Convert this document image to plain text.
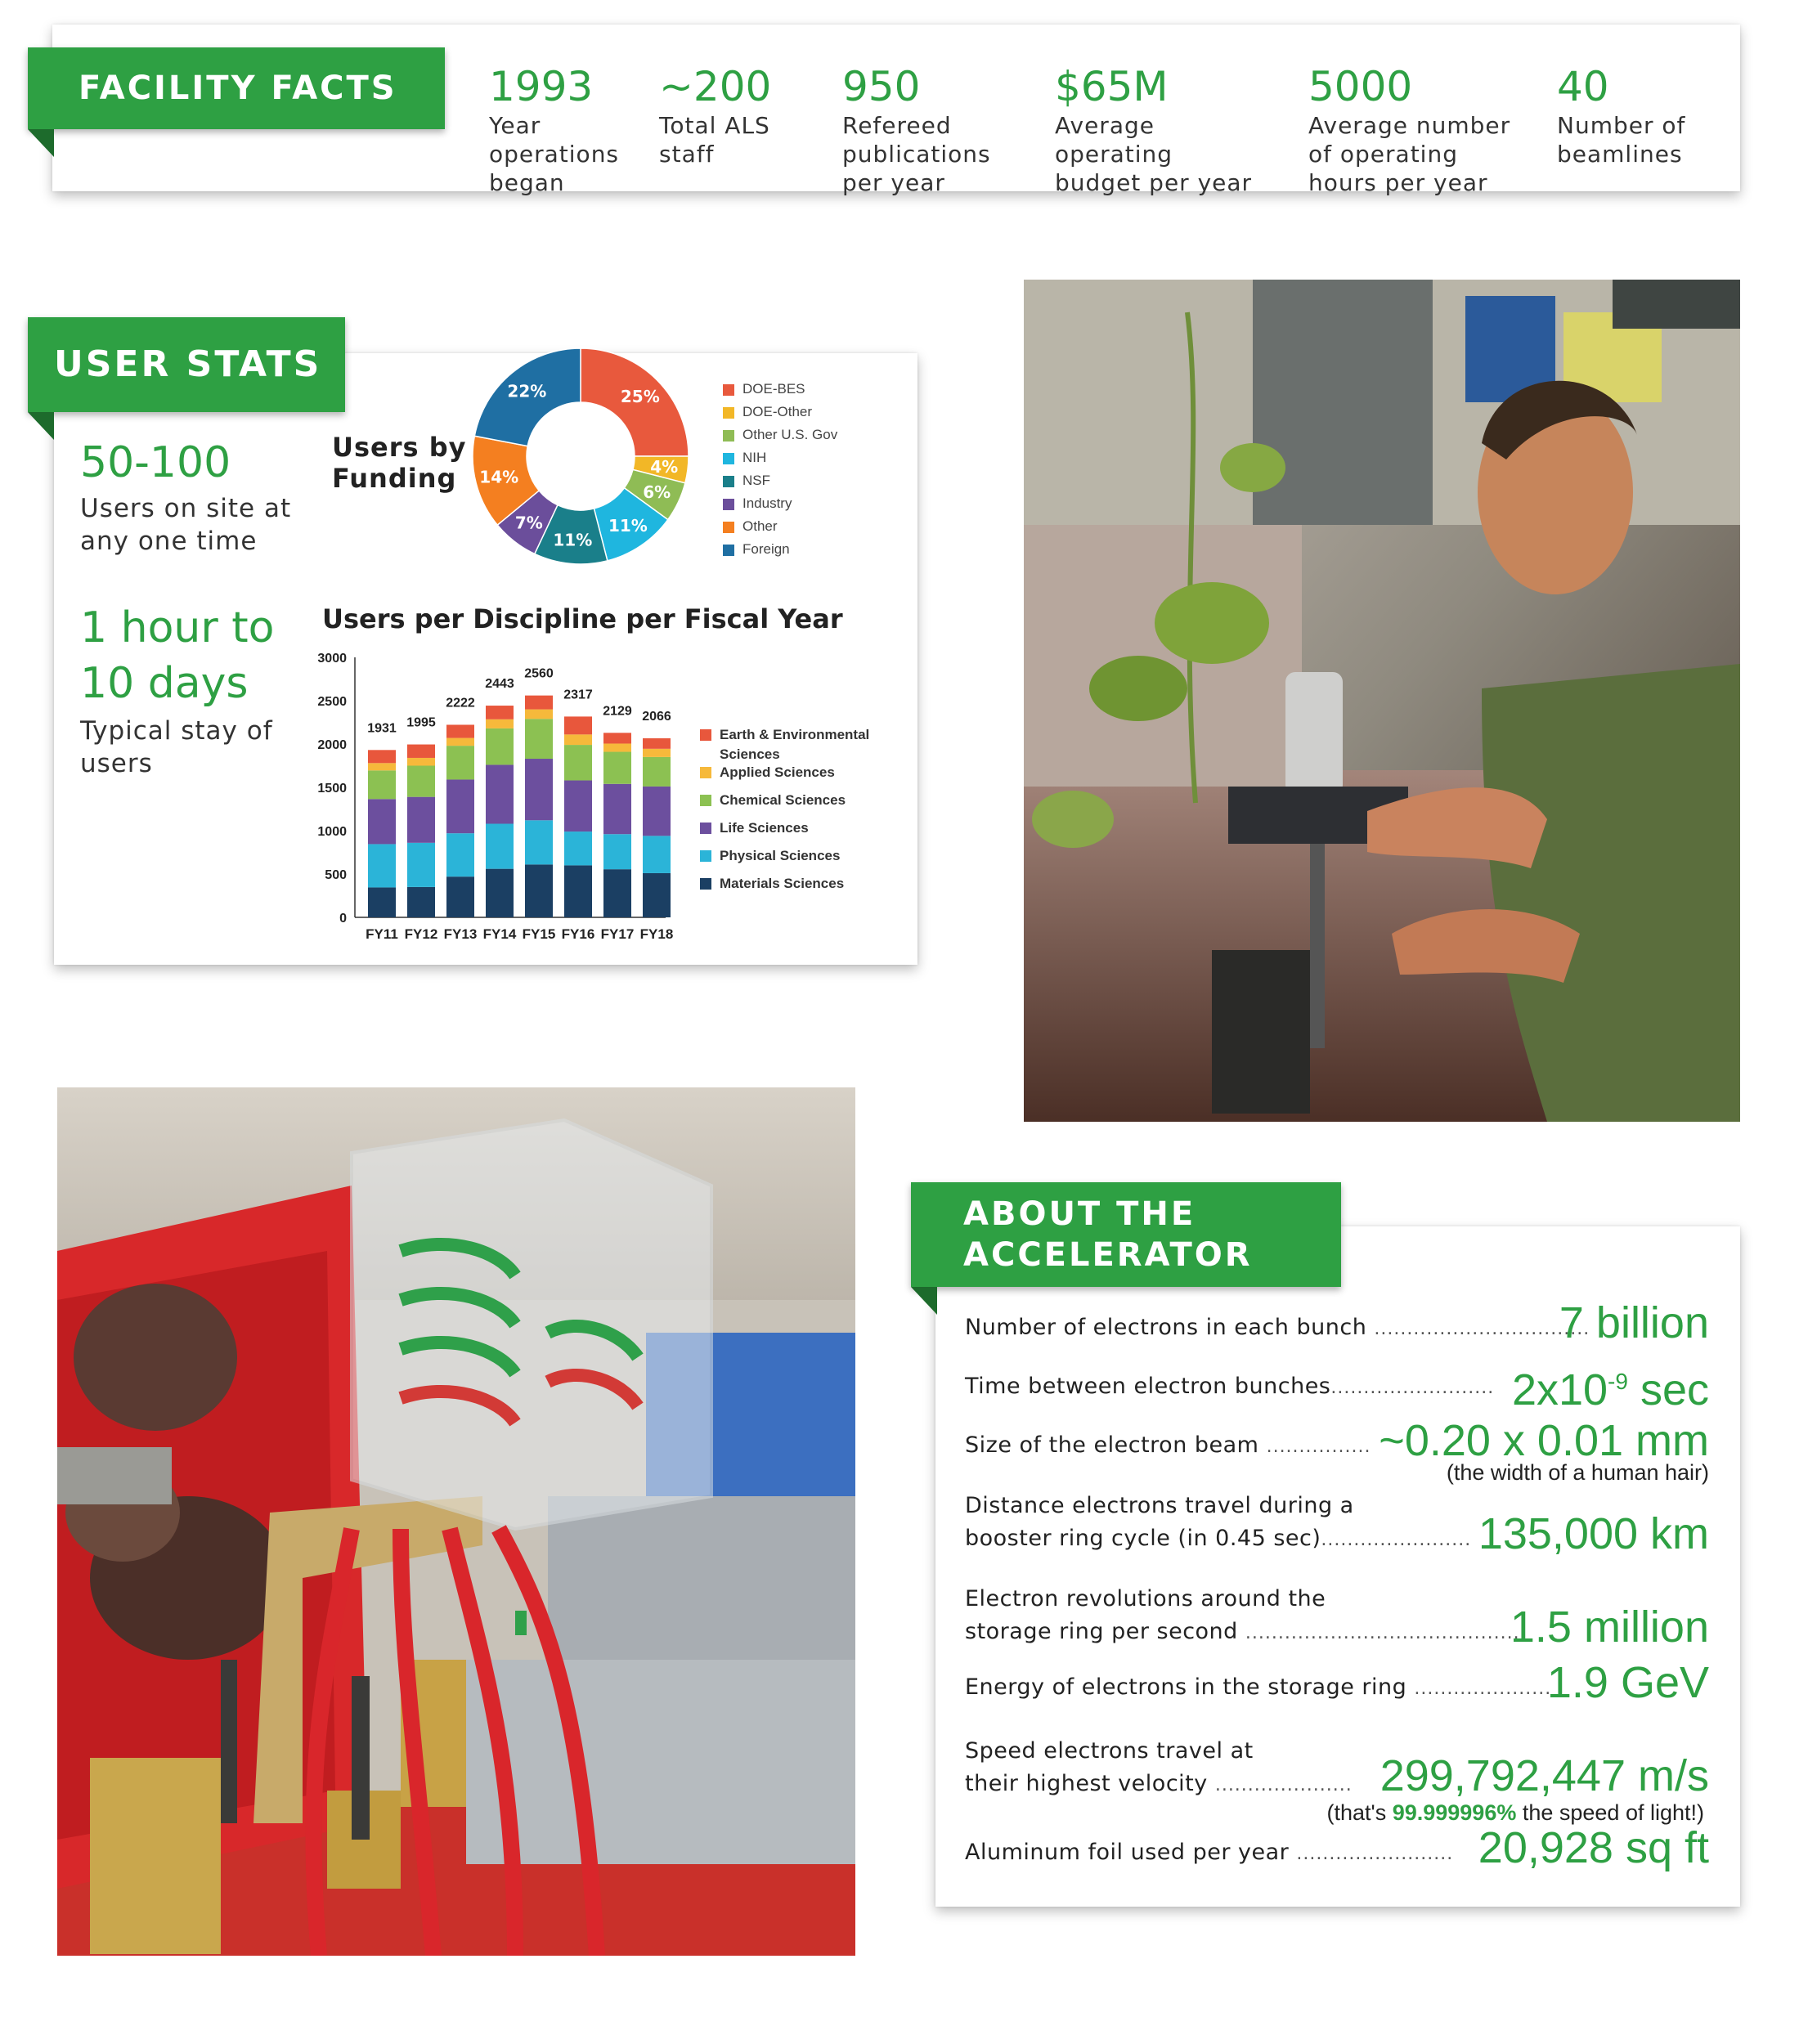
1993
Year
operations
began
~200
Total ALS
staff
950
Refereed
publications
per year
$65M
Average
operating
budget per year
5000
Average number
of operating
hours per year
40
Number of
beamlines
FACILITY FACTS
USER STATS
50-100
Users on site at
any one time
1 hour to
10 days
Typical stay of
users
Users by
Funding
25%
4%
6%
11%
11%
7%
14%
22%	DOE-BES
DOE-Other
Other U.S. Gov
NIH
NSF
Industry
Other
Foreign
Users per Discipline per Fiscal Year
3000
2500
2000
1500
1000
500
0
1931
FY11
1995
FY12
2222
FY13
2443
FY14
2560
FY15
2317
FY16
2129
FY17
2066
FY18
Earth & Environmental
Sciences
Applied Sciences
Chemical Sciences
Life Sciences
Physical Sciences
Materials Sciences
ABOUT THE
ACCELERATOR
Number of electrons in each bunch .................................
7 billion
Time between electron bunches......................... $2x10^{-9}$ sec
Size of the electron beam ................ ~0.20 x 0.01 mm
(the width of a human hair)
Distance electrons travel during a
booster ring cycle (in 0.45 sec)....................... 135,000 km
Electron revolutions around the
storage ring per second ..........................................
1.5 million
Energy of electrons in the storage ring .....................
1.9 GeV
Speed electrons travel at
their highest velocity ..................... 299,792,447 m/s
(that's 99.999996% the speed of light!)
Aluminum foil used per year ........................ 20,928 sq ft
